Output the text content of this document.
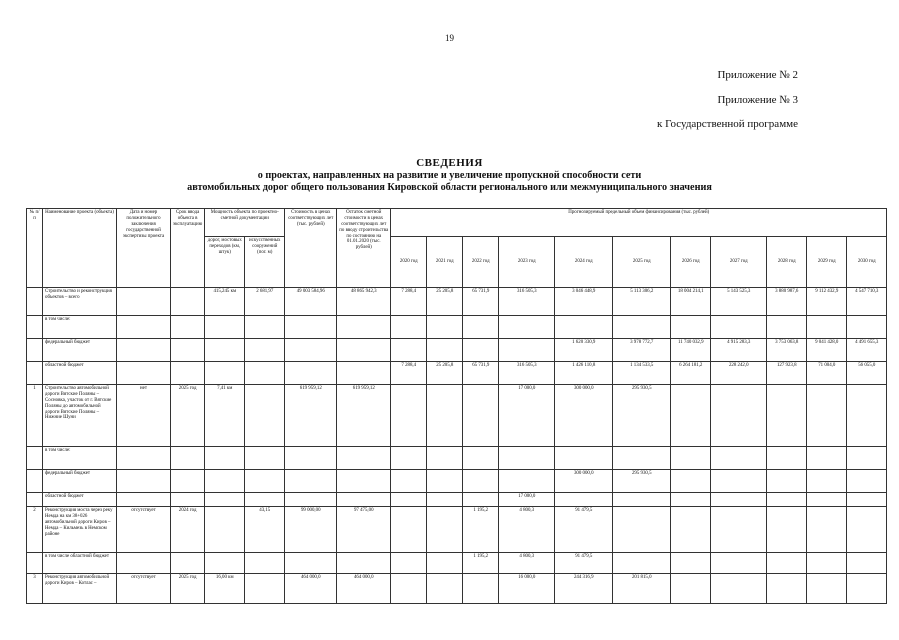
19
Приложение № 2
Приложение № 3
к Государственной программе
СВЕДЕНИЯ
о проектах, направленных на развитие и увеличение пропускной способности сети
автомобильных дорог общего пользования Кировской области регионального или межмуниципального значения
№ п/п	Наименование проекта (объекта)	Дата и номер положительного заключения государственной экспертизы проекта	Срок ввода объекта в эксплуатацию	Мощность объекта по проектно-сметной документации		Стоимость в ценах соответствующих лет (тыс. рублей)	Остаток сметной стоимости в ценах соответствующих лет по вводу строительства по состоянию на 01.01.2020 (тыс. рублей)	Прогнозируемый предельный объем финансирования (тыс. рублей)										
				дорог, мостовых переходов (км, штук)	искусственных сооружений (пог. м)			2020 год	2021 год	2022 год	2023 год	2024 год	2025 год	2026 год	2027 год	2028 год	2029 год	2030 год
	Строительство и реконструкция объектов – всего			415,245 км	2 681,97	49 003 584,96	48 865 942,3	7 288,4	25 205,8	65 731,9	316 505,3	3 046 448,9	5 113 306,2	18 004 214,1	5 143 525,3	3 880 987,6	9 112 432,9	4 547 710,3
	в том числе:																	
	федеральный бюджет											1 620 330,9	3 978 772,7	11 740 032,9	4 915 283,3	3 753 063,8	9 041 428,0	4 491 655,3
	областной бюджет							7 288,4	25 205,8	65 731,9	316 505,3	1 426 110,8	1 134 533,5	6 264 181,2	228 242,0	127 923,8	71 004,0	56 055,0
1	Строительство автомобильной дороги Вятские Поляны – Сосновка, участок от г. Вятские Поляны до автомобильной дороги Вятские Поляны – Нижние Шуни	нет	2025 год	7,41 км		619 959,12	619 959,12				17 000,0	300 000,0	295 930,5					
	в том числе:																	
	федеральный бюджет											300 000,0	295 930,5					
	областной бюджет										17 000,0							
2	Реконструкция моста через реку Немда на км 38+026 автомобильной дороги Киров – Немда – Кильмезь в Немском районе	отсутствует	2024 год		43,15	99 000,00	97 475,00			1 195,2	4 800,3	91 479,5						
	в том числе областной бюджет									1 195,2	4 800,3	91 479,5						
3	Реконструкция автомобильной дороги Киров – Котлас –	отсутствует	2025 год	16,00 км		464 000,0	464 000,0				16 000,0	244 316,9	201 815,0					
